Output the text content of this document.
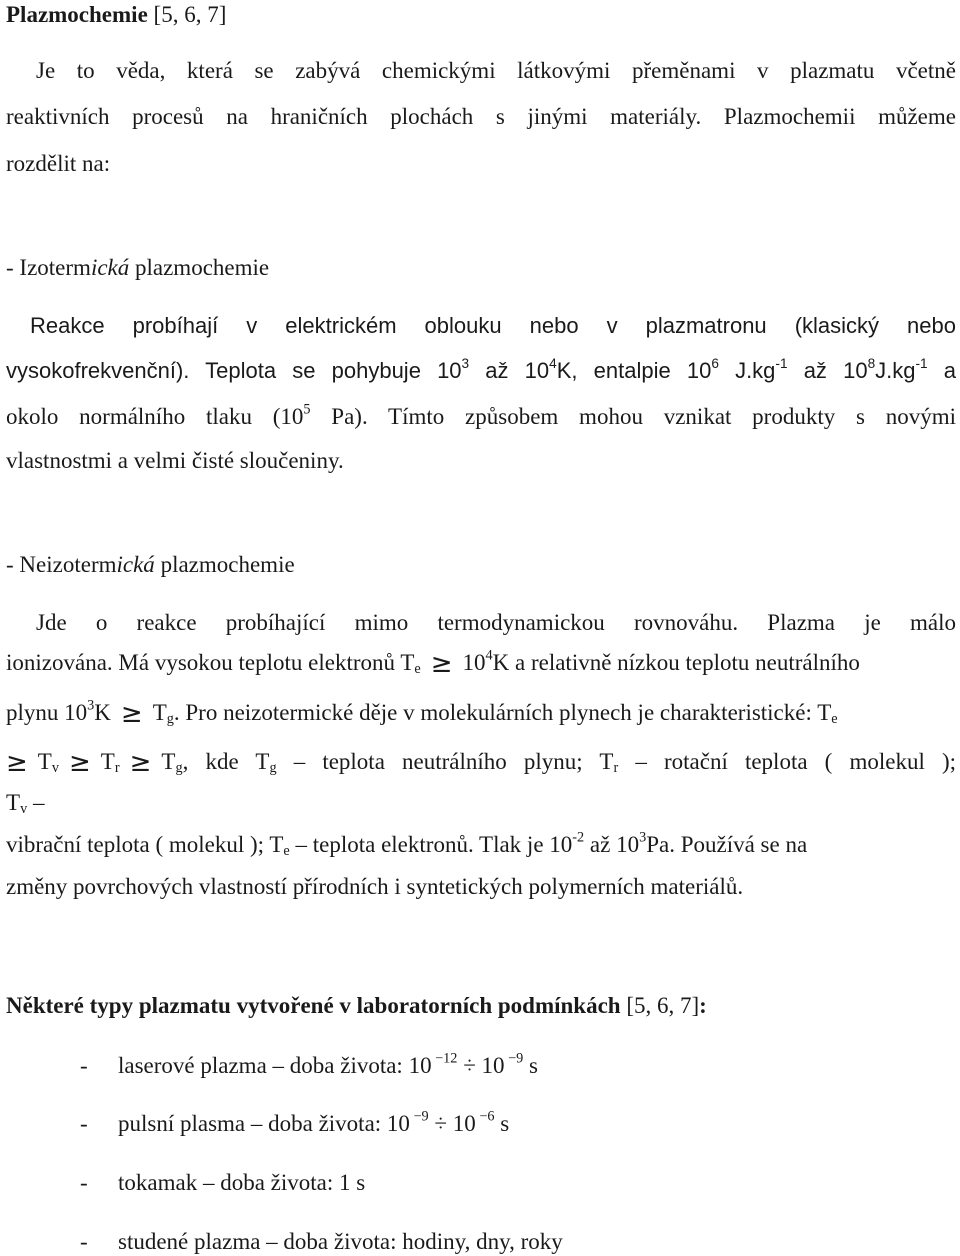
Plazmochemie [5, 6, 7]
Je to věda, která se zabývá chemickými látkovými přeměnami v plazmatu včetně
reaktivních procesů na hraničních plochách s jinými materiály. Plazmochemii můžeme
rozdělit na:
- Izotermická plazmochemie
Reakce probíhají v elektrickém oblouku nebo v plazmatronu (klasický nebo
vysokofrekvenční). Teplota se pohybuje $10^3$ až $10^4K$, entalpie $10^6$ $J.kg^{-1}$ až $10^8J.kg^{-1}$ a
okolo normálního tlaku ($10^5$ Pa). Tímto způsobem mohou vznikat produkty s novými
vlastnostmi a velmi čisté sloučeniny.
- Neizotermická plazmochemie
Jde o reakce probíhající mimo termodynamickou rovnováhu. Plazma je málo
ionizována. Má vysokou teplotu elektronů $T_e \ge 10^4K$ a relativně nízkou teplotu neutrálního
plynu $10^3K \ge T_g$. Pro neizotermické děje v molekulárních plynech je charakteristické: $T_e$
≥ $T_v \ge T_r \ge T_g$, kde $T_g$ – teplota neutrálního plynu; $T_r$ – rotační teplota ( molekul );
$T_v$ –
vibrační teplota ( molekul ); $T_e$ – teplota elektronů. Tlak je $10^{-2}$ až $10^3Pa$. Používá se na
změny povrchových vlastností přírodních i syntetických polymerních materiálů.
Některé typy plazmatu vytvořené v laboratorních podmínkách [5, 6, 7]:
- laserové plazma – doba života: 10 $^{-12}$ ÷ 10 $^{-9}$ s
- pulsní plasma – doba života: 10 $^{-9}$ ÷ 10 $^{-6}$ s
- tokamak – doba života: 1 s
- studené plazma – doba života: hodiny, dny, roky
